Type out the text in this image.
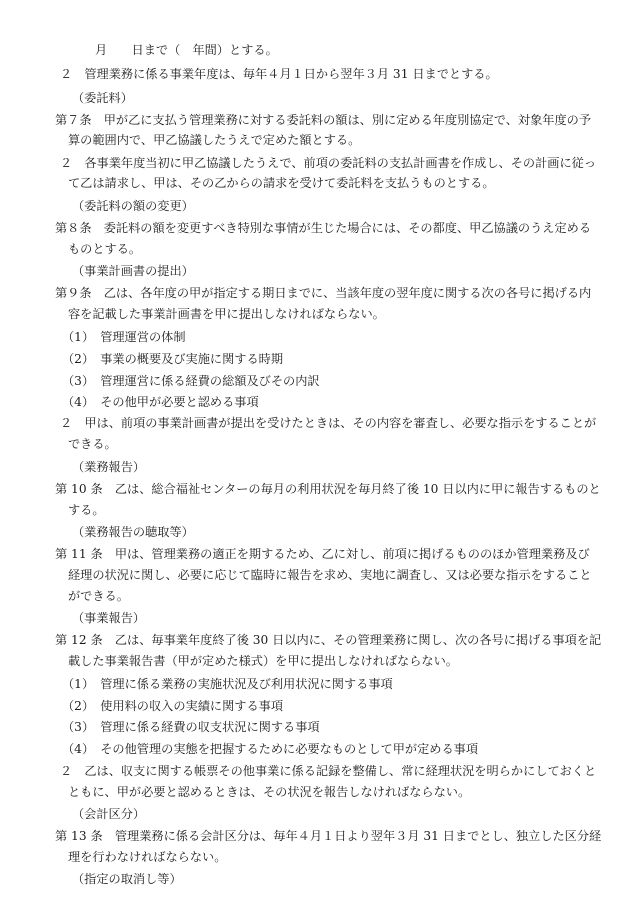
月　　日まで（　年間）とする。
２　管理業務に係る事業年度は、毎年４月１日から翌年３月 31 日までとする。
（委託料）
第７条　甲が乙に支払う管理業務に対する委託料の額は、別に定める年度別協定で、対象年度の予
算の範囲内で、甲乙協議したうえで定めた額とする。
２　各事業年度当初に甲乙協議したうえで、前項の委託料の支払計画書を作成し、その計画に従っ
て乙は請求し、甲は、その乙からの請求を受けて委託料を支払うものとする。
（委託料の額の変更）
第８条　委託料の額を変更すべき特別な事情が生じた場合には、その都度、甲乙協議のうえ定める
ものとする。
（事業計画書の提出）
第９条　乙は、各年度の甲が指定する期日までに、当該年度の翌年度に関する次の各号に掲げる内
容を記載した事業計画書を甲に提出しなければならない。
（1）　管理運営の体制
（2）　事業の概要及び実施に関する時期
（3）　管理運営に係る経費の総額及びその内訳
（4）　その他甲が必要と認める事項
２　甲は、前項の事業計画書が提出を受けたときは、その内容を審査し、必要な指示をすることが
できる。
（業務報告）
第 10 条　乙は、総合福祉センターの毎月の利用状況を毎月終了後 10 日以内に甲に報告するものと
する。
（業務報告の聴取等）
第 11 条　甲は、管理業務の適正を期するため、乙に対し、前項に掲げるもののほか管理業務及び
経理の状況に関し、必要に応じて臨時に報告を求め、実地に調査し、又は必要な指示をすること
ができる。
（事業報告）
第 12 条　乙は、毎事業年度終了後 30 日以内に、その管理業務に関し、次の各号に掲げる事項を記
載した事業報告書（甲が定めた様式）を甲に提出しなければならない。
（1）　管理に係る業務の実施状況及び利用状況に関する事項
（2）　使用料の収入の実績に関する事項
（3）　管理に係る経費の収支状況に関する事項
（4）　その他管理の実態を把握するために必要なものとして甲が定める事項
２　乙は、収支に関する帳票その他事業に係る記録を整備し、常に経理状況を明らかにしておくと
ともに、甲が必要と認めるときは、その状況を報告しなければならない。
（会計区分）
第 13 条　管理業務に係る会計区分は、毎年４月１日より翌年３月 31 日までとし、独立した区分経
理を行わなければならない。
（指定の取消し等）
